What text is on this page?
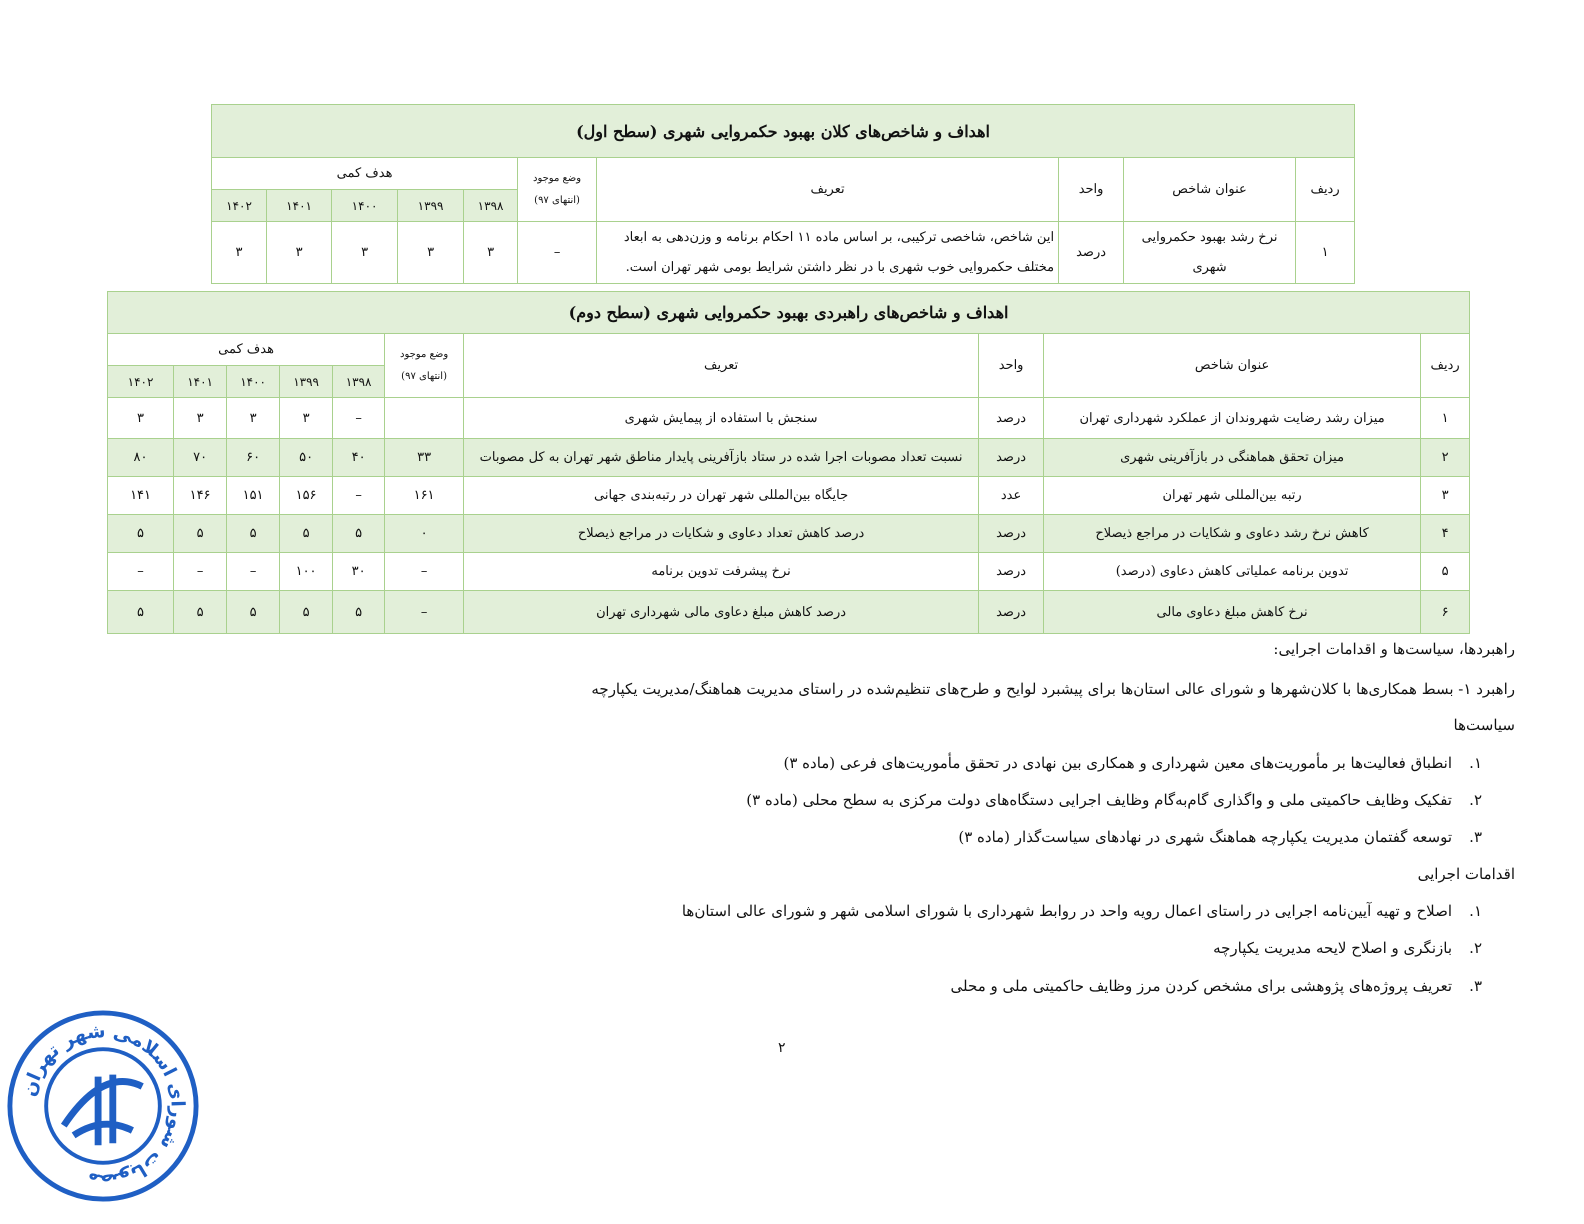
اهداف و شاخص‌های کلان بهبود حکمروایی شهری (سطح اول)									
ردیف	عنوان شاخص	واحد	تعریف	وضع موجود
(انتهای ۹۷)	هدف کمی				
					۱۳۹۸	۱۳۹۹	۱۴۰۰	۱۴۰۱	۱۴۰۲
۱	نرخ رشد بهبود حکمروایی شهری	درصد	این شاخص، شاخصی ترکیبی، بر اساس ماده ۱۱ احکام برنامه و وزن‌دهی به ابعاد مختلف حکمروایی خوب شهری با در نظر داشتن شرایط بومی شهر تهران است.	–	۳	۳	۳	۳	۳
اهداف و شاخص‌های راهبردی بهبود حکمروایی شهری (سطح دوم)									
ردیف	عنوان شاخص	واحد	تعریف	وضع موجود
(انتهای ۹۷)	هدف کمی				
					۱۳۹۸	۱۳۹۹	۱۴۰۰	۱۴۰۱	۱۴۰۲
۱	میزان رشد رضایت شهروندان از عملکرد شهرداری تهران	درصد	سنجش با استفاده از پیمایش شهری		–	۳	۳	۳	۳
۲	میزان تحقق هماهنگی در بازآفرینی شهری	درصد	نسبت تعداد مصوبات اجرا شده در ستاد بازآفرینی پایدار مناطق شهر تهران به کل مصوبات	۳۳	۴۰	۵۰	۶۰	۷۰	۸۰
۳	رتبه بین‌المللی شهر تهران	عدد	جایگاه بین‌المللی شهر تهران در رتبه‌بندی جهانی	۱۶۱	–	۱۵۶	۱۵۱	۱۴۶	۱۴۱
۴	کاهش نرخ رشد دعاوی و شکایات در مراجع ذیصلاح	درصد	درصد کاهش تعداد دعاوی و شکایات در مراجع ذیصلاح	۰	۵	۵	۵	۵	۵
۵	تدوین برنامه عملیاتی کاهش دعاوی (درصد)	درصد	نرخ پیشرفت تدوین برنامه	–	۳۰	۱۰۰	–	–	–
۶	نرخ کاهش مبلغ دعاوی مالی	درصد	درصد کاهش مبلغ دعاوی مالی شهرداری تهران	–	۵	۵	۵	۵	۵
راهبردها، سیاست‌ها و اقدامات اجرایی:
راهبرد ۱- بسط همکاری‌ها با کلان‌شهرها و شورای عالی استان‌ها برای پیشبرد لوایح و طرح‌های تنظیم‌شده در راستای مدیریت هماهنگ/مدیریت یکپارچه
سیاست‌ها
۱.انطباق فعالیت‌ها بر مأموریت‌های معین شهرداری و همکاری بین نهادی در تحقق مأموریت‌های فرعی (ماده ۳)
۲.تفکیک وظایف حاکمیتی ملی و واگذاری گام‌به‌گام وظایف اجرایی دستگاه‌های دولت مرکزی به سطح محلی (ماده ۳)
۳.توسعه گفتمان مدیریت یکپارچه هماهنگ شهری در نهادهای سیاست‌گذار (ماده ۳)
اقدامات اجرایی
۱.اصلاح و تهیه آیین‌نامه اجرایی در راستای اعمال رویه واحد در روابط شهرداری با شورای اسلامی شهر و شورای عالی استان‌ها
۲.بازنگری و اصلاح لایحه مدیریت یکپارچه
۳.تعریف پروژه‌های پژوهشی برای مشخص کردن مرز وظایف حاکمیتی ملی و محلی
۲
مصوبات شورای اسلامی شهر تهران
